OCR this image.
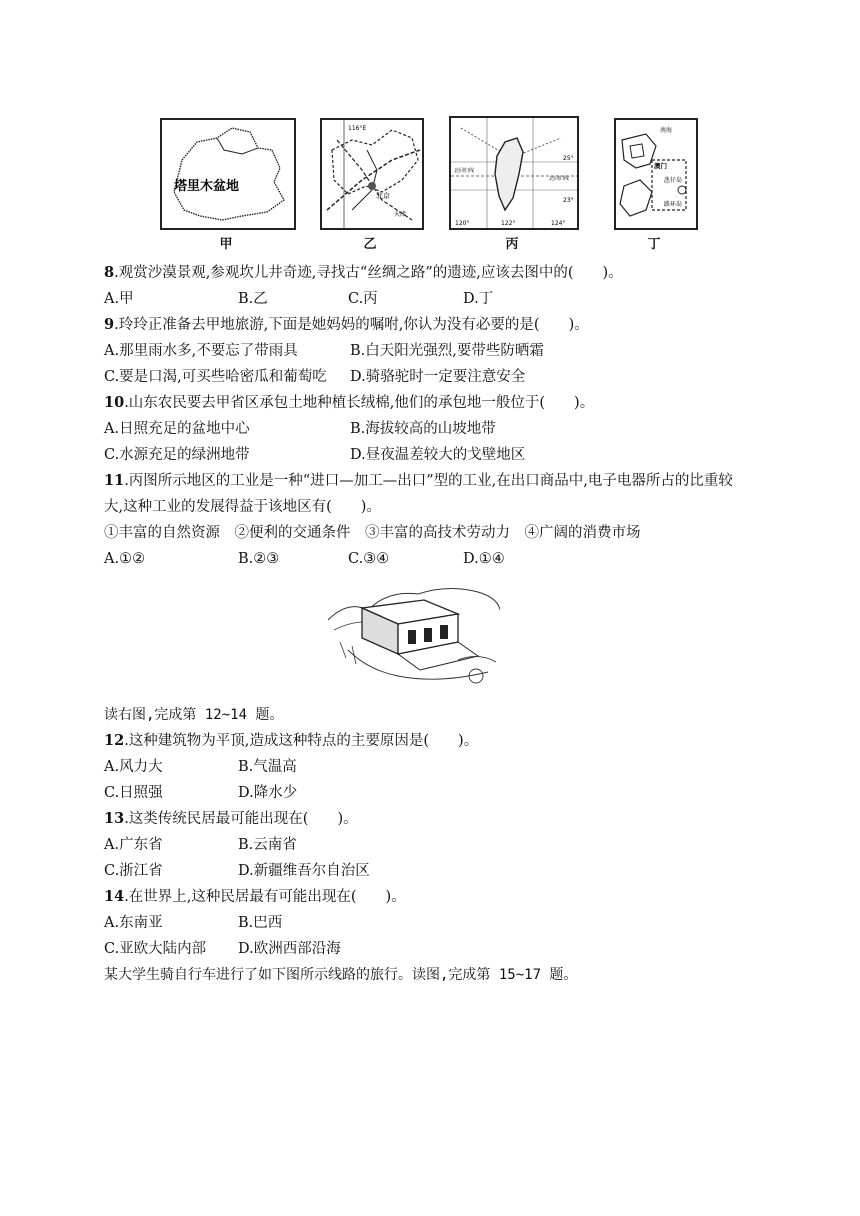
塔里木盆地
甲
116°E
北京
天津
乙
25°
23°
北回归线
北回归线
120°	122°	124°
丙
南海
澳门
氹仔岛
路环岛
丁
8.观赏沙漠景观,参观坎儿井奇迹,寻找古“丝绸之路”的遗迹,应该去图中的(　　)。
A.甲	B.乙	C.丙	D.丁
9.玲玲正准备去甲地旅游,下面是她妈妈的嘱咐,你认为没有必要的是(　　)。
A.那里雨水多,不要忘了带雨具	B.白天阳光强烈,要带些防晒霜
C.要是口渴,可买些哈密瓜和葡萄吃 D.骑骆驼时一定要注意安全
10.山东农民要去甲省区承包土地种植长绒棉,他们的承包地一般位于(　　)。
A.日照充足的盆地中心	B.海拔较高的山坡地带
C.水源充足的绿洲地带	D.昼夜温差较大的戈壁地区
11.丙图所示地区的工业是一种“进口—加工—出口”型的工业,在出口商品中,电子电器所占的比重较
大,这种工业的发展得益于该地区有(　　)。
①丰富的自然资源　②便利的交通条件　③丰富的高技术劳动力　④广阔的消费市场
A.①②	B.②③	C.③④	D.①④
读右图,完成第 12~14 题。
12.这种建筑物为平顶,造成这种特点的主要原因是(　　)。
A.风力大	B.气温高
C.日照强	D.降水少
13.这类传统民居最可能出现在(　　)。
A.广东省	B.云南省
C.浙江省	D.新疆维吾尔自治区
14.在世界上,这种民居最有可能出现在(　　)。
A.东南亚	B.巴西
C.亚欧大陆内部 D.欧洲西部沿海
某大学生骑自行车进行了如下图所示线路的旅行。读图,完成第 15~17 题。
